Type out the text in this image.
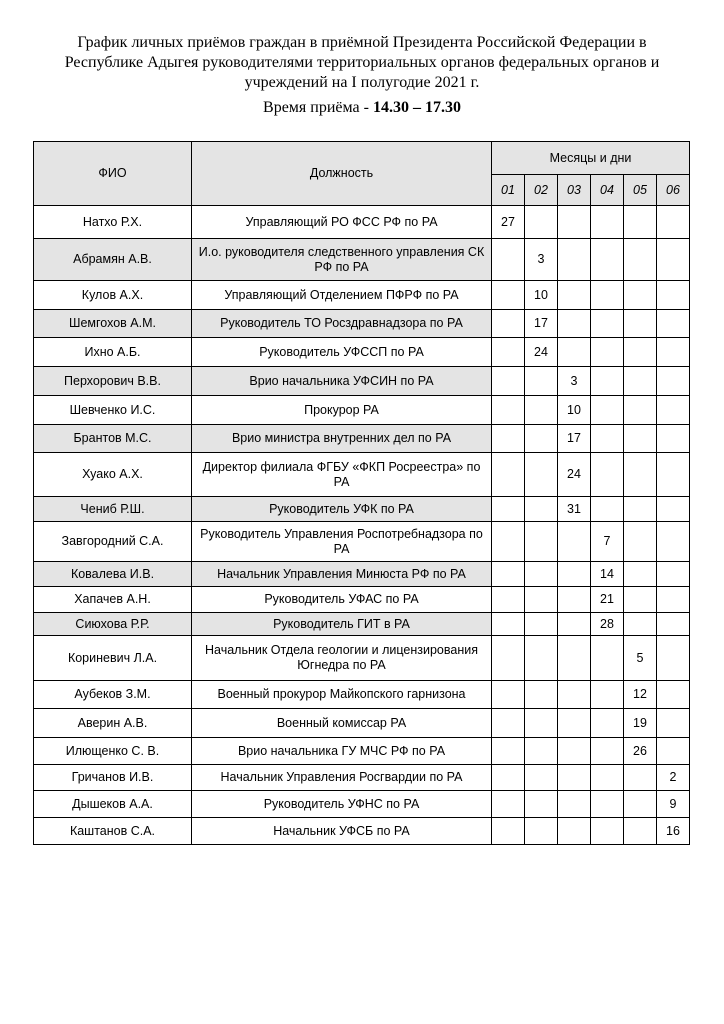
График личных приёмов граждан в приёмной Президента Российской Федерации в Республике Адыгея руководителями территориальных органов федеральных органов и учреждений на I полугодие 2021 г.
Время приёма - 14.30 – 17.30
ФИО	Должность	Месяцы и дни					
		01	02	03	04	05	06
Натхо Р.Х.	Управляющий РО ФСС РФ по РА	27					
Абрамян А.В.	И.о. руководителя следственного управления СК РФ по РА		3				
Кулов А.Х.	Управляющий Отделением ПФРФ по РА		10				
Шемгохов А.М.	Руководитель ТО Росздравнадзора по РА		17				
Ихно А.Б.	Руководитель УФССП по РА		24				
Перхорович В.В.	Врио начальника УФСИН по РА			3			
Шевченко И.С.	Прокурор РА			10			
Брантов М.С.	Врио министра внутренних дел по РА			17			
Хуако А.Х.	Директор филиала ФГБУ «ФКП Росреестра» по РА			24			
Чениб Р.Ш.	Руководитель УФК по РА			31			
Завгородний С.А.	Руководитель Управления Роспотребнадзора по РА				7		
Ковалева И.В.	Начальник Управления Минюста РФ по РА				14		
Хапачев А.Н.	Руководитель УФАС по РА				21		
Сиюхова Р.Р.	Руководитель ГИТ в РА				28		
Кориневич Л.А.	Начальник Отдела геологии и лицензирования Югнедра по РА					5	
Аубеков З.М.	Военный прокурор Майкопского гарнизона					12	
Аверин А.В.	Военный комиссар РА					19	
Илющенко С. В.	Врио начальника ГУ МЧС РФ по РА					26	
Гричанов И.В.	Начальник Управления Росгвардии по РА						2
Дышеков А.А.	Руководитель УФНС по РА						9
Каштанов С.А.	Начальник УФСБ по РА						16
